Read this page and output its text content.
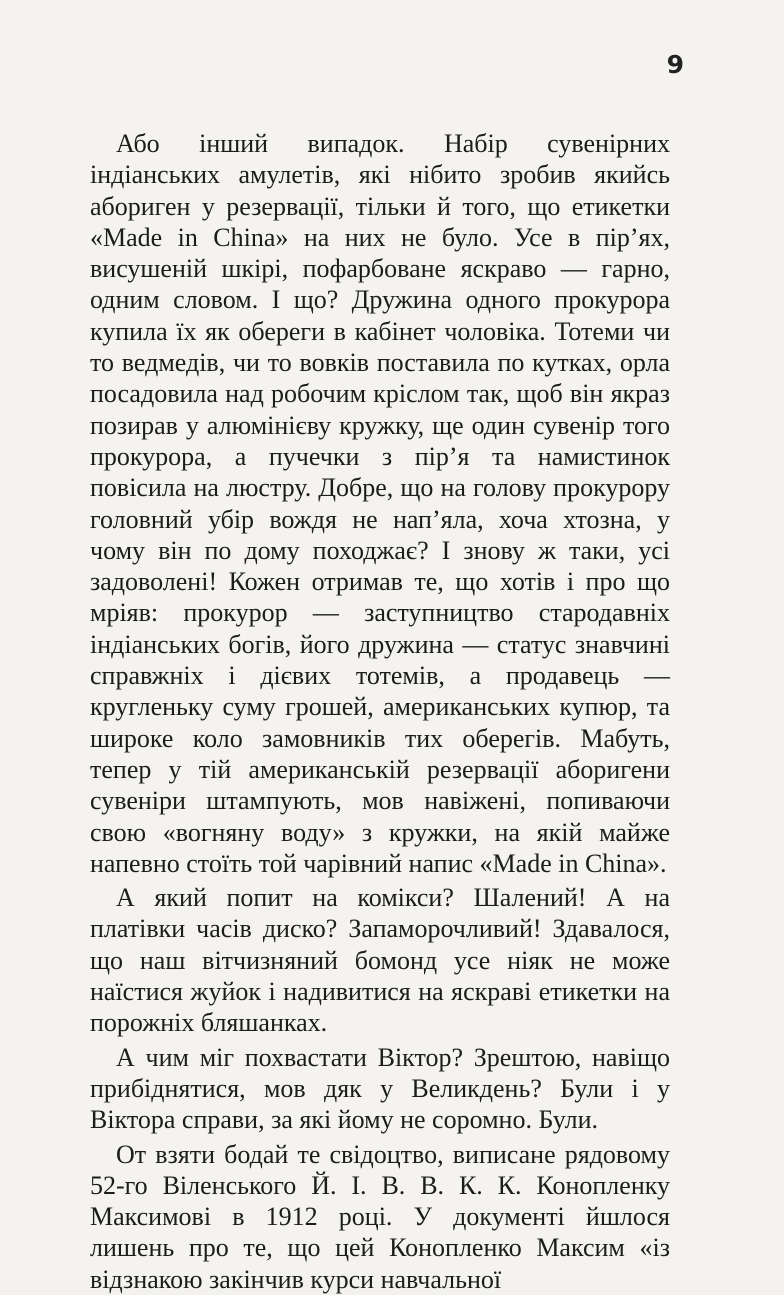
9

Або інший випадок. Набір сувенірних індіанських амулетів, які нібито зробив якийсь абориген у резервації, тільки й того, що етикетки «Made in China» на них не було. Усе в пір’ях, висушеній шкірі, пофарбоване яскраво — гарно, одним словом. І що? Дружина одного прокурора купила їх як обереги в кабінет чоловіка. Тотеми чи то ведмедів, чи то вовків поставила по кутках, орла посадовила над робочим кріслом так, щоб він якраз позирав у алюмінієву кружку, ще один сувенір того прокурора, а пучечки з пір’я та намистинок повісила на люстру. Добре, що на голову прокурору головний убір вождя не нап’яла, хоча хтозна, у чому він по дому походжає? І знову ж таки, усі задоволені! Кожен отримав те, що хотів і про що мріяв: прокурор — заступництво стародавніх індіанських богів, його дружина — статус знавчині справжніх і дієвих тотемів, а продавець — кругленьку суму грошей, американських купюр, та широке коло замовників тих оберегів. Мабуть, тепер у тій американській резервації аборигени сувеніри штампують, мов навіжені, попиваючи свою «вогняну воду» з кружки, на якій майже напевно стоїть той чарівний напис «Made in China».

А який попит на комікси? Шалений! А на платівки часів диско? Запаморочливий! Здавалося, що наш вітчизняний бомонд усе ніяк не може наїстися жуйок і надивитися на яскраві етикетки на порожніх бляшанках.

А чим міг похвастати Віктор? Зрештою, навіщо прибіднятися, мов дяк у Великдень? Були і у Віктора справи, за які йому не соромно. Були.

От взяти бодай те свідоцтво, виписане рядовому 52-го Віленського Й. І. В. В. К. К. Конопленку Максимові в 1912 році. У документі йшлося лишень про те, що цей Конопленко Максим «із відзнакою закінчив курси навчальної
